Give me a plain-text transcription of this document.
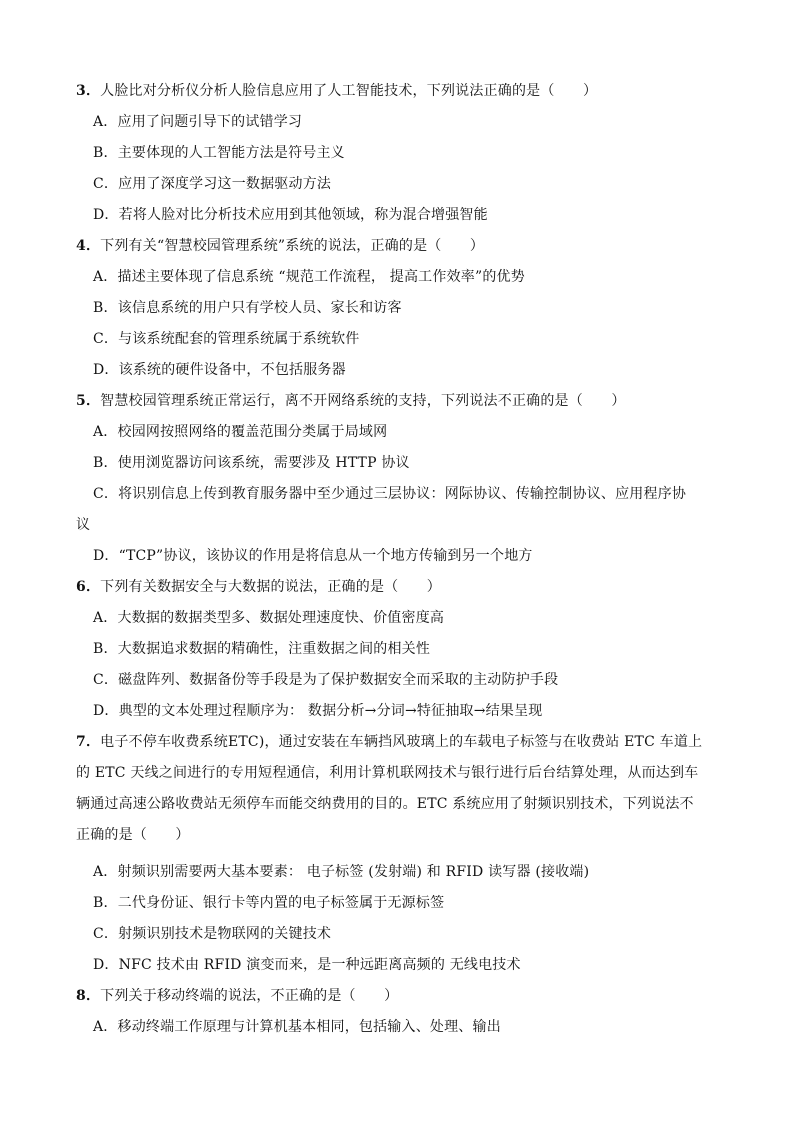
3．人脸比对分析仪分析人脸信息应用了人工智能技术，下列说法正确的是（　　）
A．应用了问题引导下的试错学习
B．主要体现的人工智能方法是符号主义
C．应用了深度学习这一数据驱动方法
D．若将人脸对比分析技术应用到其他领域，称为混合增强智能
4．下列有关“智慧校园管理系统”系统的说法，正确的是（　　）
A．描述主要体现了信息系统 “规范工作流程， 提高工作效率”的优势
B．该信息系统的用户只有学校人员、家长和访客
C．与该系统配套的管理系统属于系统软件
D．该系统的硬件设备中，不包括服务器
5．智慧校园管理系统正常运行，离不开网络系统的支持，下列说法不正确的是（　　）
A．校园网按照网络的覆盖范围分类属于局域网
B．使用浏览器访问该系统，需要涉及 HTTP 协议
C．将识别信息上传到教育服务器中至少通过三层协议：网际协议、传输控制协议、应用程序协
议
D．“TCP”协议，该协议的作用是将信息从一个地方传输到另一个地方
6．下列有关数据安全与大数据的说法，正确的是（　　）
A．大数据的数据类型多、数据处理速度快、价值密度高
B．大数据追求数据的精确性，注重数据之间的相关性
C．磁盘阵列、数据备份等手段是为了保护数据安全而采取的主动防护手段
D．典型的文本处理过程顺序为： 数据分析→分词→特征抽取→结果呈现
7．电子不停车收费系统ETC)，通过安装在车辆挡风玻璃上的车载电子标签与在收费站 ETC 车道上
的 ETC 天线之间进行的专用短程通信，利用计算机联网技术与银行进行后台结算处理，从而达到车
辆通过高速公路收费站无须停车而能交纳费用的目的。ETC 系统应用了射频识别技术，下列说法不
正确的是（　　）
A．射频识别需要两大基本要素： 电子标签 (发射端) 和 RFID 读写器 (接收端)
B．二代身份证、银行卡等内置的电子标签属于无源标签
C．射频识别技术是物联网的关键技术
D．NFC 技术由 RFID 演变而来，是一种远距离高频的 无线电技术
8．下列关于移动终端的说法，不正确的是（　　）
A．移动终端工作原理与计算机基本相同，包括输入、处理、输出
